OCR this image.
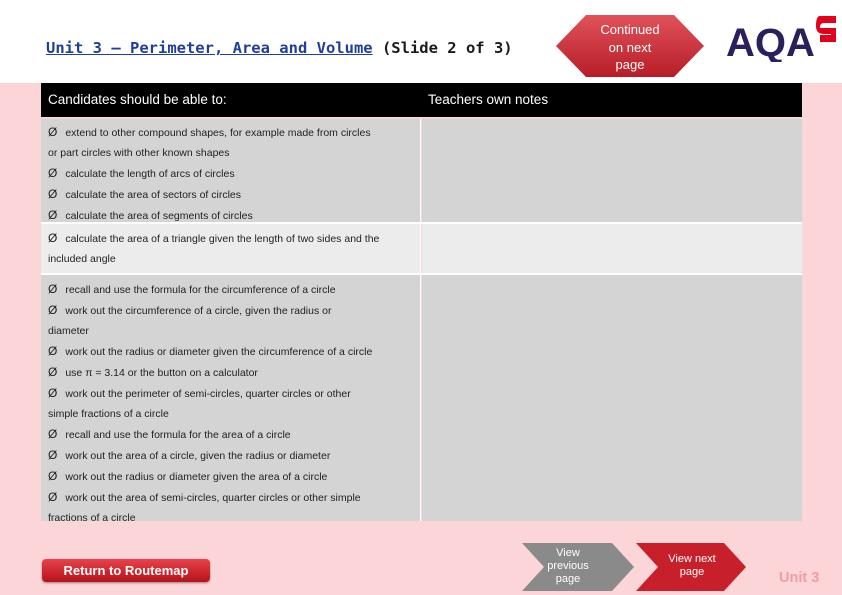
Unit 3 – Perimeter, Area and Volume (Slide 2 of 3)
Continued
on next
page	AQA
Candidates should be able to:	Teachers own notes
Ø extend to other compound shapes, for example made from circles
or part circles with other known shapes
Ø calculate the length of arcs of circles
Ø calculate the area of sectors of circles
Ø calculate the area of segments of circles
Ø calculate the area of a triangle given the length of two sides and the
included angle
Ø recall and use the formula for the circumference of a circle
Ø work out the circumference of a circle, given the radius or
diameter
Ø work out the radius or diameter given the circumference of a circle
Ø use π = 3.14 or the button on a calculator
Ø work out the perimeter of semi-circles, quarter circles or other
simple fractions of a circle
Ø recall and use the formula for the area of a circle
Ø work out the area of a circle, given the radius or diameter
Ø work out the radius or diameter given the area of a circle
Ø work out the area of semi-circles, quarter circles or other simple
fractions of a circle
Return to Routemap
View
previous
page
View next
page	Unit 3
